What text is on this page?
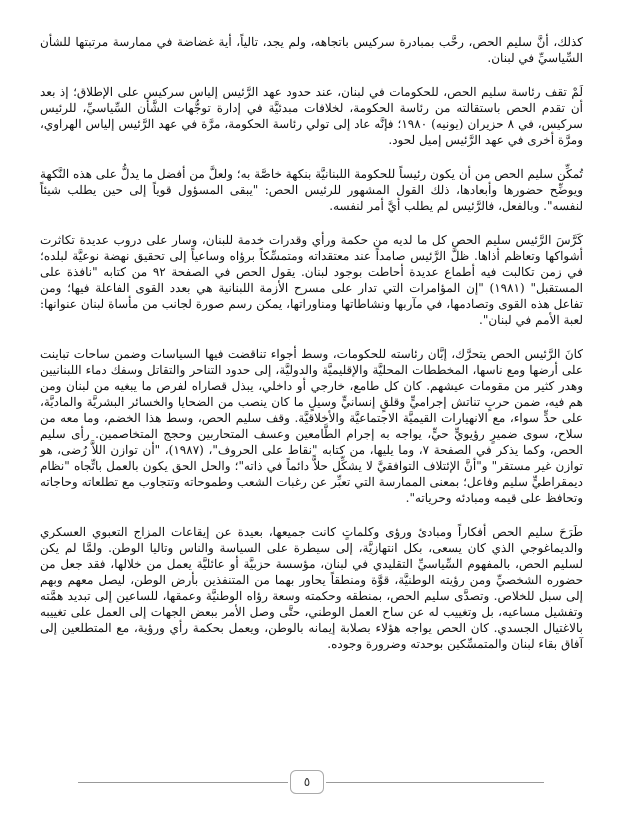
كذلك، أنَّ سليم الحص، رحَّب بمبادرة سركيس باتجاهه، ولم يجد، تالياً، أية غضاضة في ممارسة مرتبتها للشأن السِّياسيِّ في لبنان.

لَمْ تقف رئاسة سليم الحص، للحكومات في لبنان، عند حدود عهد الرَّئيس إلياس سركيس على الإطلاق؛ إذ بعد أن تقدم الحص باستقالته من رئاسة الحكومة، لخلافات مبدئيَّة في إدارة توجُّهات الشَّأن السِّياسيِّ، للرئيس سركيس، في ٨ حزيران (يونيه) ١٩٨٠؛ فإنَّه عاد إلى تولي رئاسة الحكومة، مرَّة في عهد الرَّئيس إلياس الهراوي، ومرَّة أخرى في عهد الرَّئيس إميل لحود.

تُمكِّن سليم الحص من أن يكون رئيساً للحكومة اللبنانيَّة بنكهة خاصَّة به؛ ولعلَّ من أفضل ما يدلُّ على هذه النَّكهة ويوضِّح حضورها وأبعادها، ذلك القول المشهور للرئيس الحص: "يبقى المسؤول قوياً إلى حين يطلب شيئاً لنفسه". وبالفعل، فالرَّئيس لم يطلب أيَّ أمر لنفسه.

كَرَّسَ الرَّئيس سليم الحص كل ما لديه من حكمة ورأي وقدرات خدمة للبنان، وسار على دروب عديدة تكاثرت أشواكها وتعاظم أذاها. ظلَّ الرَّئيس صامداً عند معتقداته ومتمسِّكاً برؤاه وساعياً إلى تحقيق نهضة نوعيَّة لبلده؛ في زمن تكالبت فيه أطماع عديدة أحاطت بوجود لبنان. يقول الحص في الصفحة ٩٢ من كتابه "نافذة على المستقبل" (١٩٨١) "إن المؤامرات التي تدار على مسرح الأزمة اللبنانية هي بعدد القوى الفاعلة فيها؛ ومن تفاعل هذه القوى وتصادمها، في مآربها ونشاطاتها ومناوراتها، يمكن رسم صورة لجانب من مأساة لبنان عنوانها: لعبة الأمم في لبنان".

كانَ الرَّئيس الحص يتحرَّك، إبَّان رئاسته للحكومات، وسط أجواء تناقضت فيها السياسات وضمن ساحات تباينت على أرضها ومع ناسها، المخططات المحليَّة والإقليميَّة والدوليَّة، إلى حدود التناحر والتقاتل وسفك دماء اللبنانيين وهدر كثير من مقومات عيشهم. كان كل طامع، خارجي أو داخلي، يبذل قصاراه لفرص ما يبغيه من لبنان ومن هم فيه، ضمن حربٍ تناتش إجراميٍّ وقلقٍ إنسانيٍّ وسيلٍ ما كان ينصب من الضحايا والخسائر البشريَّة والماديَّة، على حدٍّ سواء، مع الانهيارات القيميَّة الاجتماعيَّة والأخلاقيَّة. وقف سليم الحص، وسط هذا الخضم، وما معه من سلاح، سوى ضميرٍ رؤيويٍّ حيٍّ، يواجه به إجرام الطَّامعين وعسف المتحاربين وحجج المتخاصمين. رأى سليم الحص، وكما يذكر في الصفحة ٧، وما يليها، من كتابه "نقاط على الحروف"، (١٩٨٧)، "أن توازن اللاَّ رُضى، هو توازن غير مستقر" و"أنَّ الإئتلاف التوافقيَّ لا يشكِّل حلاًّ دائماً في ذاته"؛ والحل الحق يكون بالعمل باتِّجاه "نظام ديمقراطيٍّ سليم وفاعل؛ بمعنى الممارسة التي تعبِّر عن رغبات الشعب وطموحاته وتتجاوب مع تطلعاته وحاجاته وتحافظ على قيمه ومبادئه وحرياته".

طَرَحَ سليم الحص أفكاراً ومبادئ ورؤى وكلماتٍ كانت جميعها، بعيدة عن إيقاعات المزاج التعبوي العسكري والديماغوجي الذي كان يسعى، بكل انتهازيَّة، إلى سيطرة على السياسة والناس وتاليا الوطن. ولمَّا لم يكن لسليم الحص، بالمفهوم السِّياسيِّ التقليدي في لبنان، مؤسسة حزبيَّة أو عائليَّة يعمل من خلالها، فقد جعل من حضوره الشخصيِّ ومن رؤيته الوطنيَّة، قوَّة ومنطقاً يحاور بهما من المتنفذين بأرض الوطن، ليصل معهم وبهم إلى سبل للخلاص. وتصدَّى سليم الحص، بمنطقه وحكمته وسعة رؤاه الوطنيَّة وعمقها، للساعين إلى تبديد همَّته وتفشيل مساعيه، بل وتغييب له عن ساح العمل الوطني، حتَّى وصل الأمر ببعض الجهات إلى العمل على تغييبه بالاغتيال الجسدي. كان الحص يواجه هؤلاء بصلابة إيمانه بالوطن، ويعمل بحكمة رأي ورؤية، مع المتطلعين إلى آفاق بقاء لبنان والمتمسِّكين بوحدته وضرورة وجوده.

٥
